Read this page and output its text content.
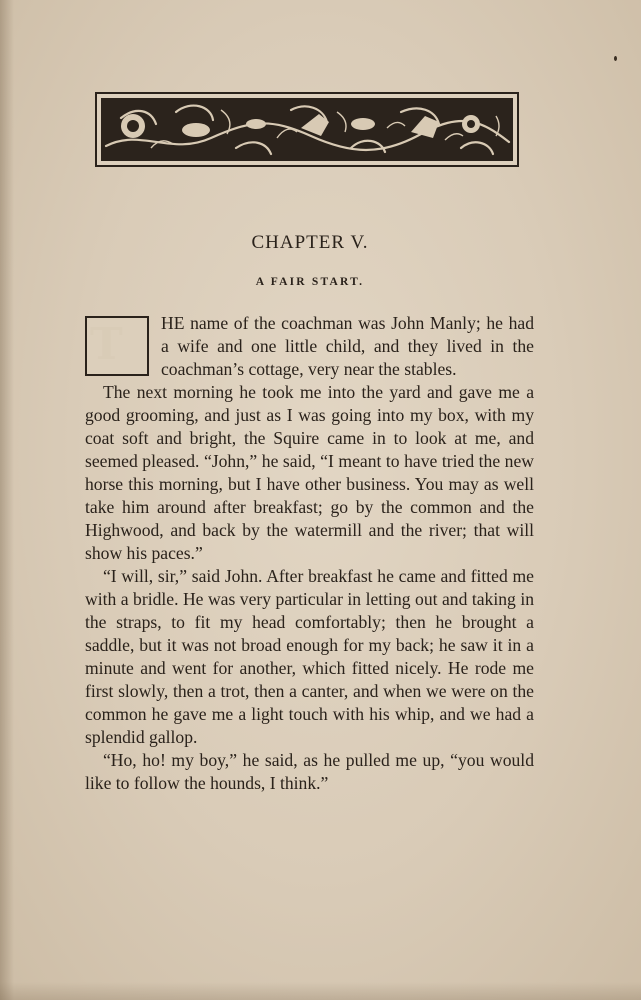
CHAPTER V.
A FAIR START.

HE name of the coachman was John Manly; he had a wife and one little child, and they lived in the coachman’s cottage, very near the stables.

The next morning he took me into the yard and gave me a good grooming, and just as I was going into my box, with my coat soft and bright, the Squire came in to look at me, and seemed pleased. “John,” he said, “I meant to have tried the new horse this morning, but I have other business. You may as well take him around after breakfast; go by the common and the Highwood, and back by the watermill and the river; that will show his paces.”

“I will, sir,” said John. After breakfast he came and fitted me with a bridle. He was very particular in letting out and taking in the straps, to fit my head comfortably; then he brought a saddle, but it was not broad enough for my back; he saw it in a minute and went for another, which fitted nicely. He rode me first slowly, then a trot, then a canter, and when we were on the common he gave me a light touch with his whip, and we had a splendid gallop.

“Ho, ho! my boy,” he said, as he pulled me up, “you would like to follow the hounds, I think.”
